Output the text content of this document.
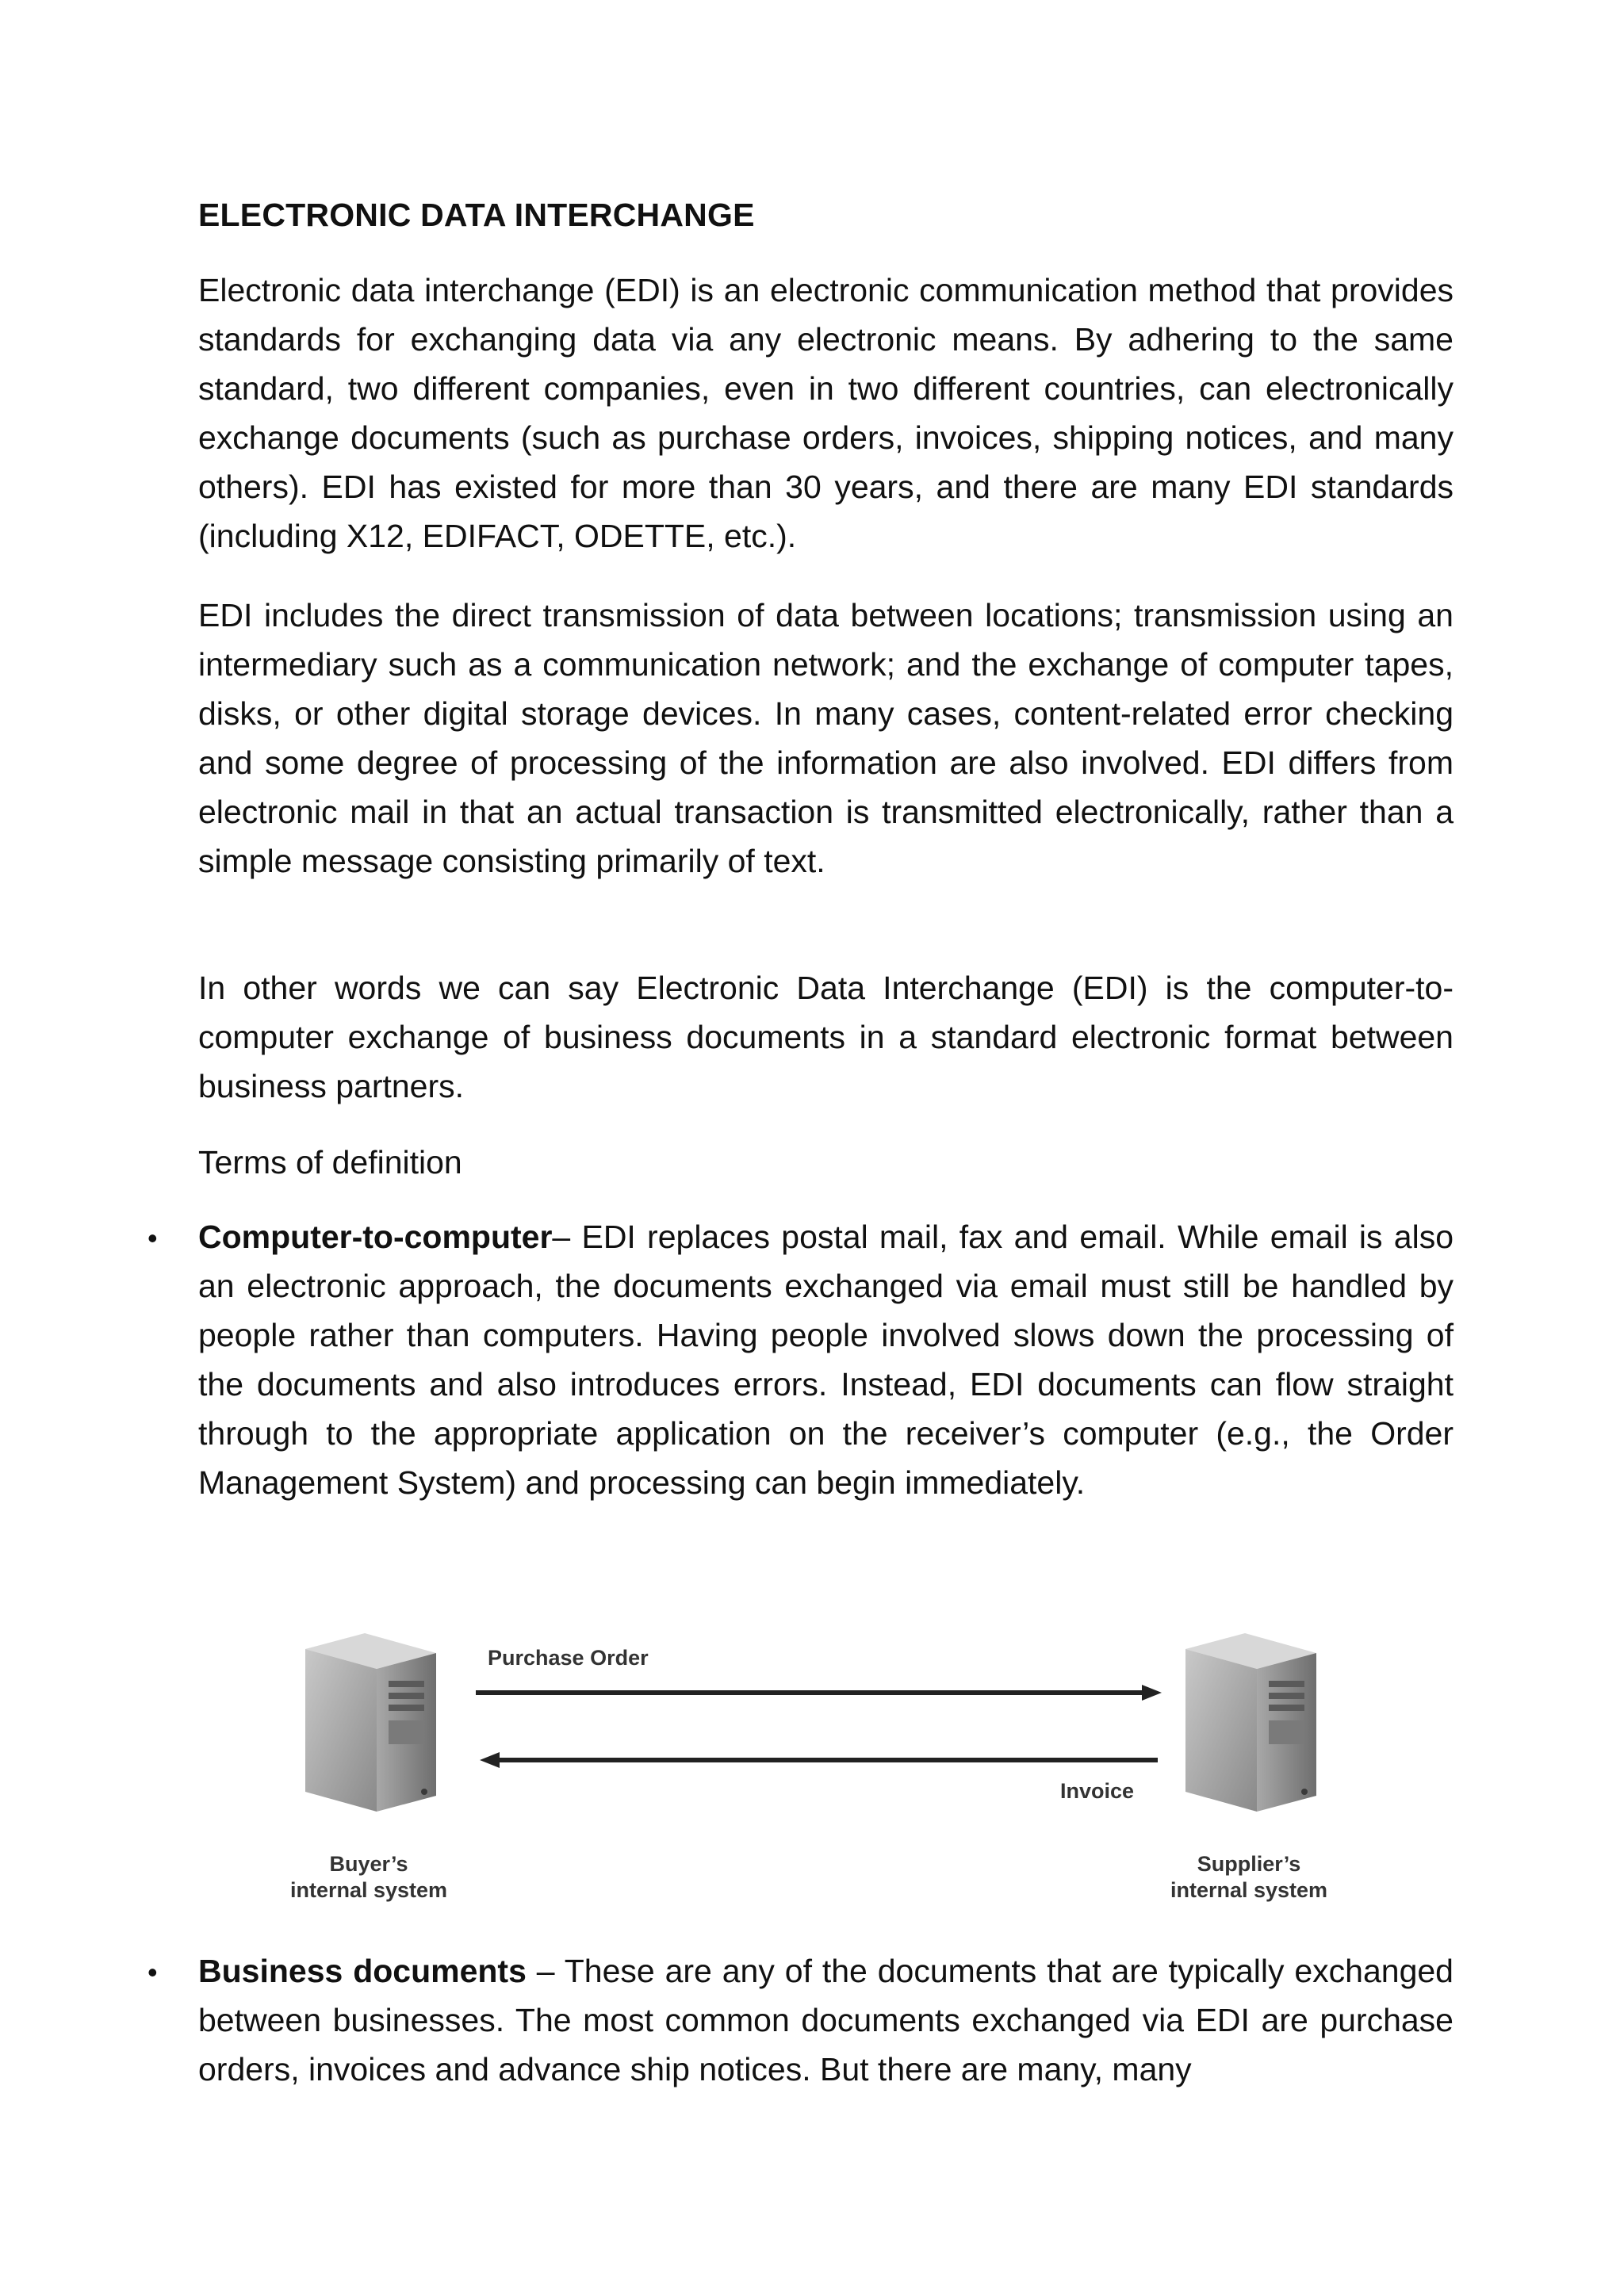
ELECTRONIC DATA INTERCHANGE

Electronic data interchange (EDI) is an electronic communication method that provides standards for exchanging data via any electronic means. By adhering to the same standard, two different companies, even in two different countries, can electronically exchange documents (such as purchase orders, invoices, shipping notices, and many others). EDI has existed for more than 30 years, and there are many EDI standards (including X12, EDIFACT, ODETTE, etc.).

EDI includes the direct transmission of data between locations; transmission using an intermediary such as a communication network; and the exchange of computer tapes, disks, or other digital storage devices. In many cases, content-related error checking and some degree of processing of the information are also involved. EDI differs from electronic mail in that an actual transaction is transmitted electronically, rather than a simple message consisting primarily of text.

In other words we can say Electronic Data Interchange (EDI) is the computer-to-computer exchange of business documents in a standard electronic format between business partners.

Terms of definition

• Computer-to-computer– EDI replaces postal mail, fax and email. While email is also an electronic approach, the documents exchanged via email must still be handled by people rather than computers. Having people involved slows down the processing of the documents and also introduces errors. Instead, EDI documents can flow straight through to the appropriate application on the receiver’s computer (e.g., the Order Management System) and processing can begin immediately.

Purchase Order
Invoice
Buyer’s
internal system
Supplier’s
internal system
• Business documents – These are any of the documents that are typically exchanged between businesses. The most common documents exchanged via EDI are purchase orders, invoices and advance ship notices. But there are many, many
